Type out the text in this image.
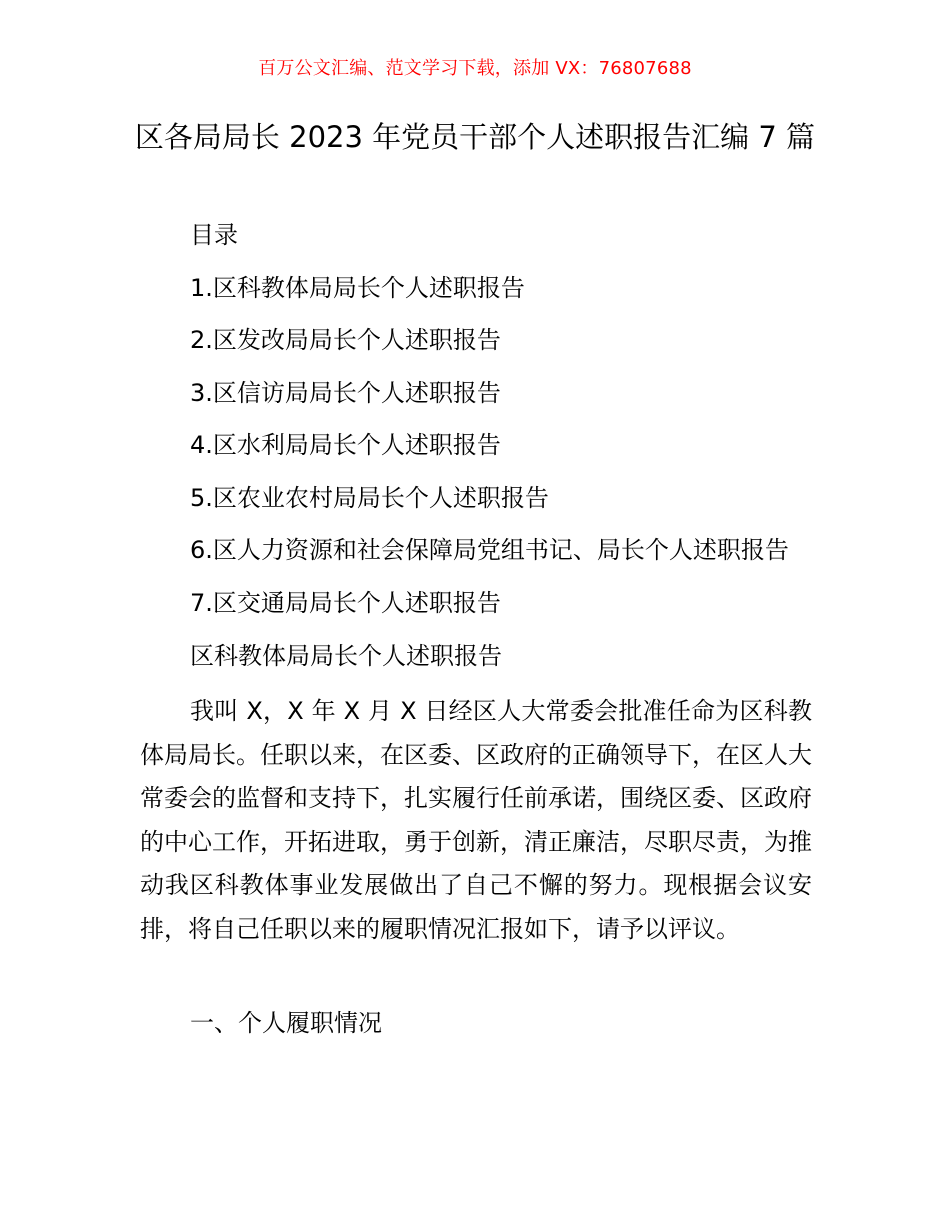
百万公文汇编、范文学习下载，添加 VX：76807688
区各局局长 2023 年党员干部个人述职报告汇编 7 篇
目录
1.区科教体局局长个人述职报告
2.区发改局局长个人述职报告
3.区信访局局长个人述职报告
4.区水利局局长个人述职报告
5.区农业农村局局长个人述职报告
6.区人力资源和社会保障局党组书记、局长个人述职报告
7.区交通局局长个人述职报告
区科教体局局长个人述职报告

我叫 X，X 年 X 月 X 日经区人大常委会批准任命为区科教体局局长。任职以来，在区委、区政府的正确领导下，在区人大常委会的监督和支持下，扎实履行任前承诺，围绕区委、区政府的中心工作，开拓进取，勇于创新，清正廉洁，尽职尽责，为推动我区科教体事业发展做出了自己不懈的努力。现根据会议安排，将自己任职以来的履职情况汇报如下，请予以评议。

一、个人履职情况
